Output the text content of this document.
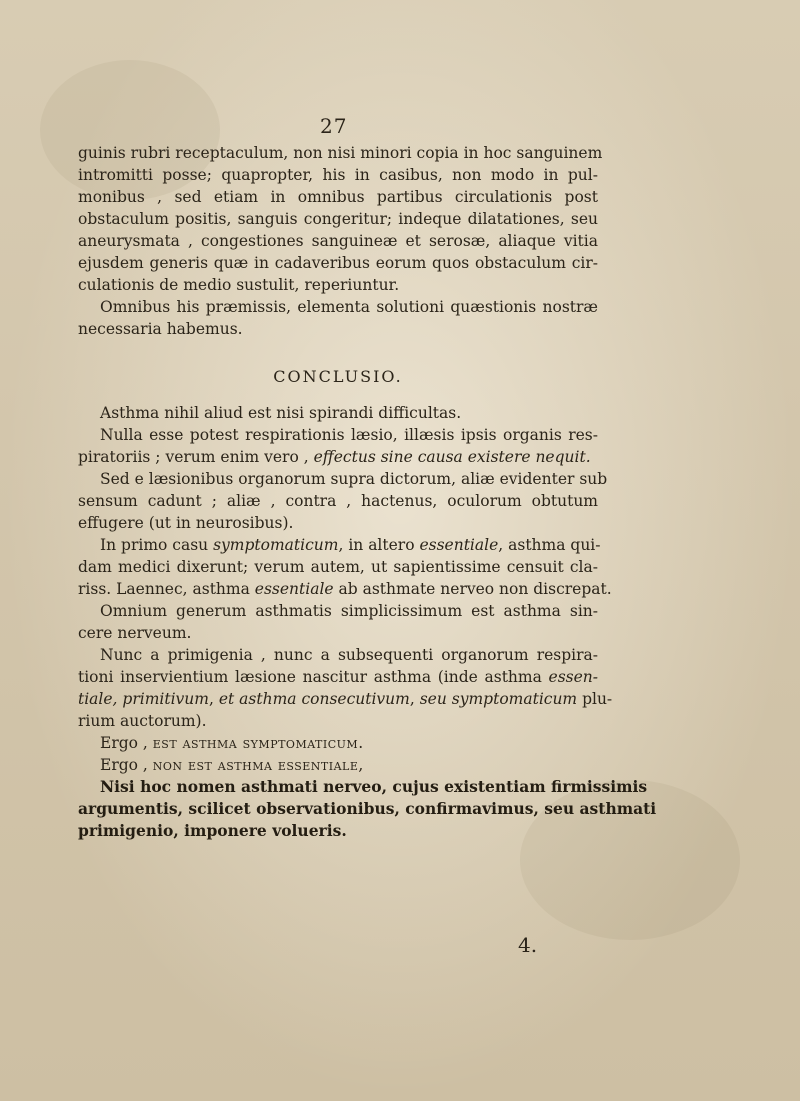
27
guinis rubri receptaculum, non nisi minori copia in hoc sanguinem
intromitti posse; quapropter, his in casibus, non modo in pul-
monibus , sed etiam in omnibus partibus circulationis post
obstaculum positis, sanguis congeritur; indeque dilatationes, seu
aneurysmata , congestiones sanguineæ et serosæ, aliaque vitia
ejusdem generis quæ in cadaveribus eorum quos obstaculum cir-
culationis de medio sustulit, reperiuntur.
Omnibus his præmissis, elementa solutioni quæstionis nostræ
necessaria habemus.
CONCLUSIO.
Asthma nihil aliud est nisi spirandi difficultas.
Nulla esse potest respirationis læsio, illæsis ipsis organis res-
piratoriis ; verum enim vero , effectus sine causa existere nequit.
Sed e læsionibus organorum supra dictorum, aliæ evidenter sub
sensum cadunt ; aliæ , contra , hactenus, oculorum obtutum
effugere (ut in neurosibus).
In primo casu symptomaticum, in altero essentiale, asthma qui-
dam medici dixerunt; verum autem, ut sapientissime censuit cla-
riss. Laennec, asthma essentiale ab asthmate nerveo non discrepat.
Omnium generum asthmatis simplicissimum est asthma sin-
cere nerveum.
Nunc a primigenia , nunc a subsequenti organorum respira-
tioni inservientium læsione nascitur asthma (inde asthma essen-
tiale, primitivum, et asthma consecutivum, seu symptomaticum plu-
rium auctorum).
Ergo , est asthma symptomaticum.
Ergo , non est asthma essentiale,
Nisi hoc nomen asthmati nerveo, cujus existentiam firmissimis
argumentis, scilicet observationibus, confirmavimus, seu asthmati
primigenio, imponere volueris.
4.
